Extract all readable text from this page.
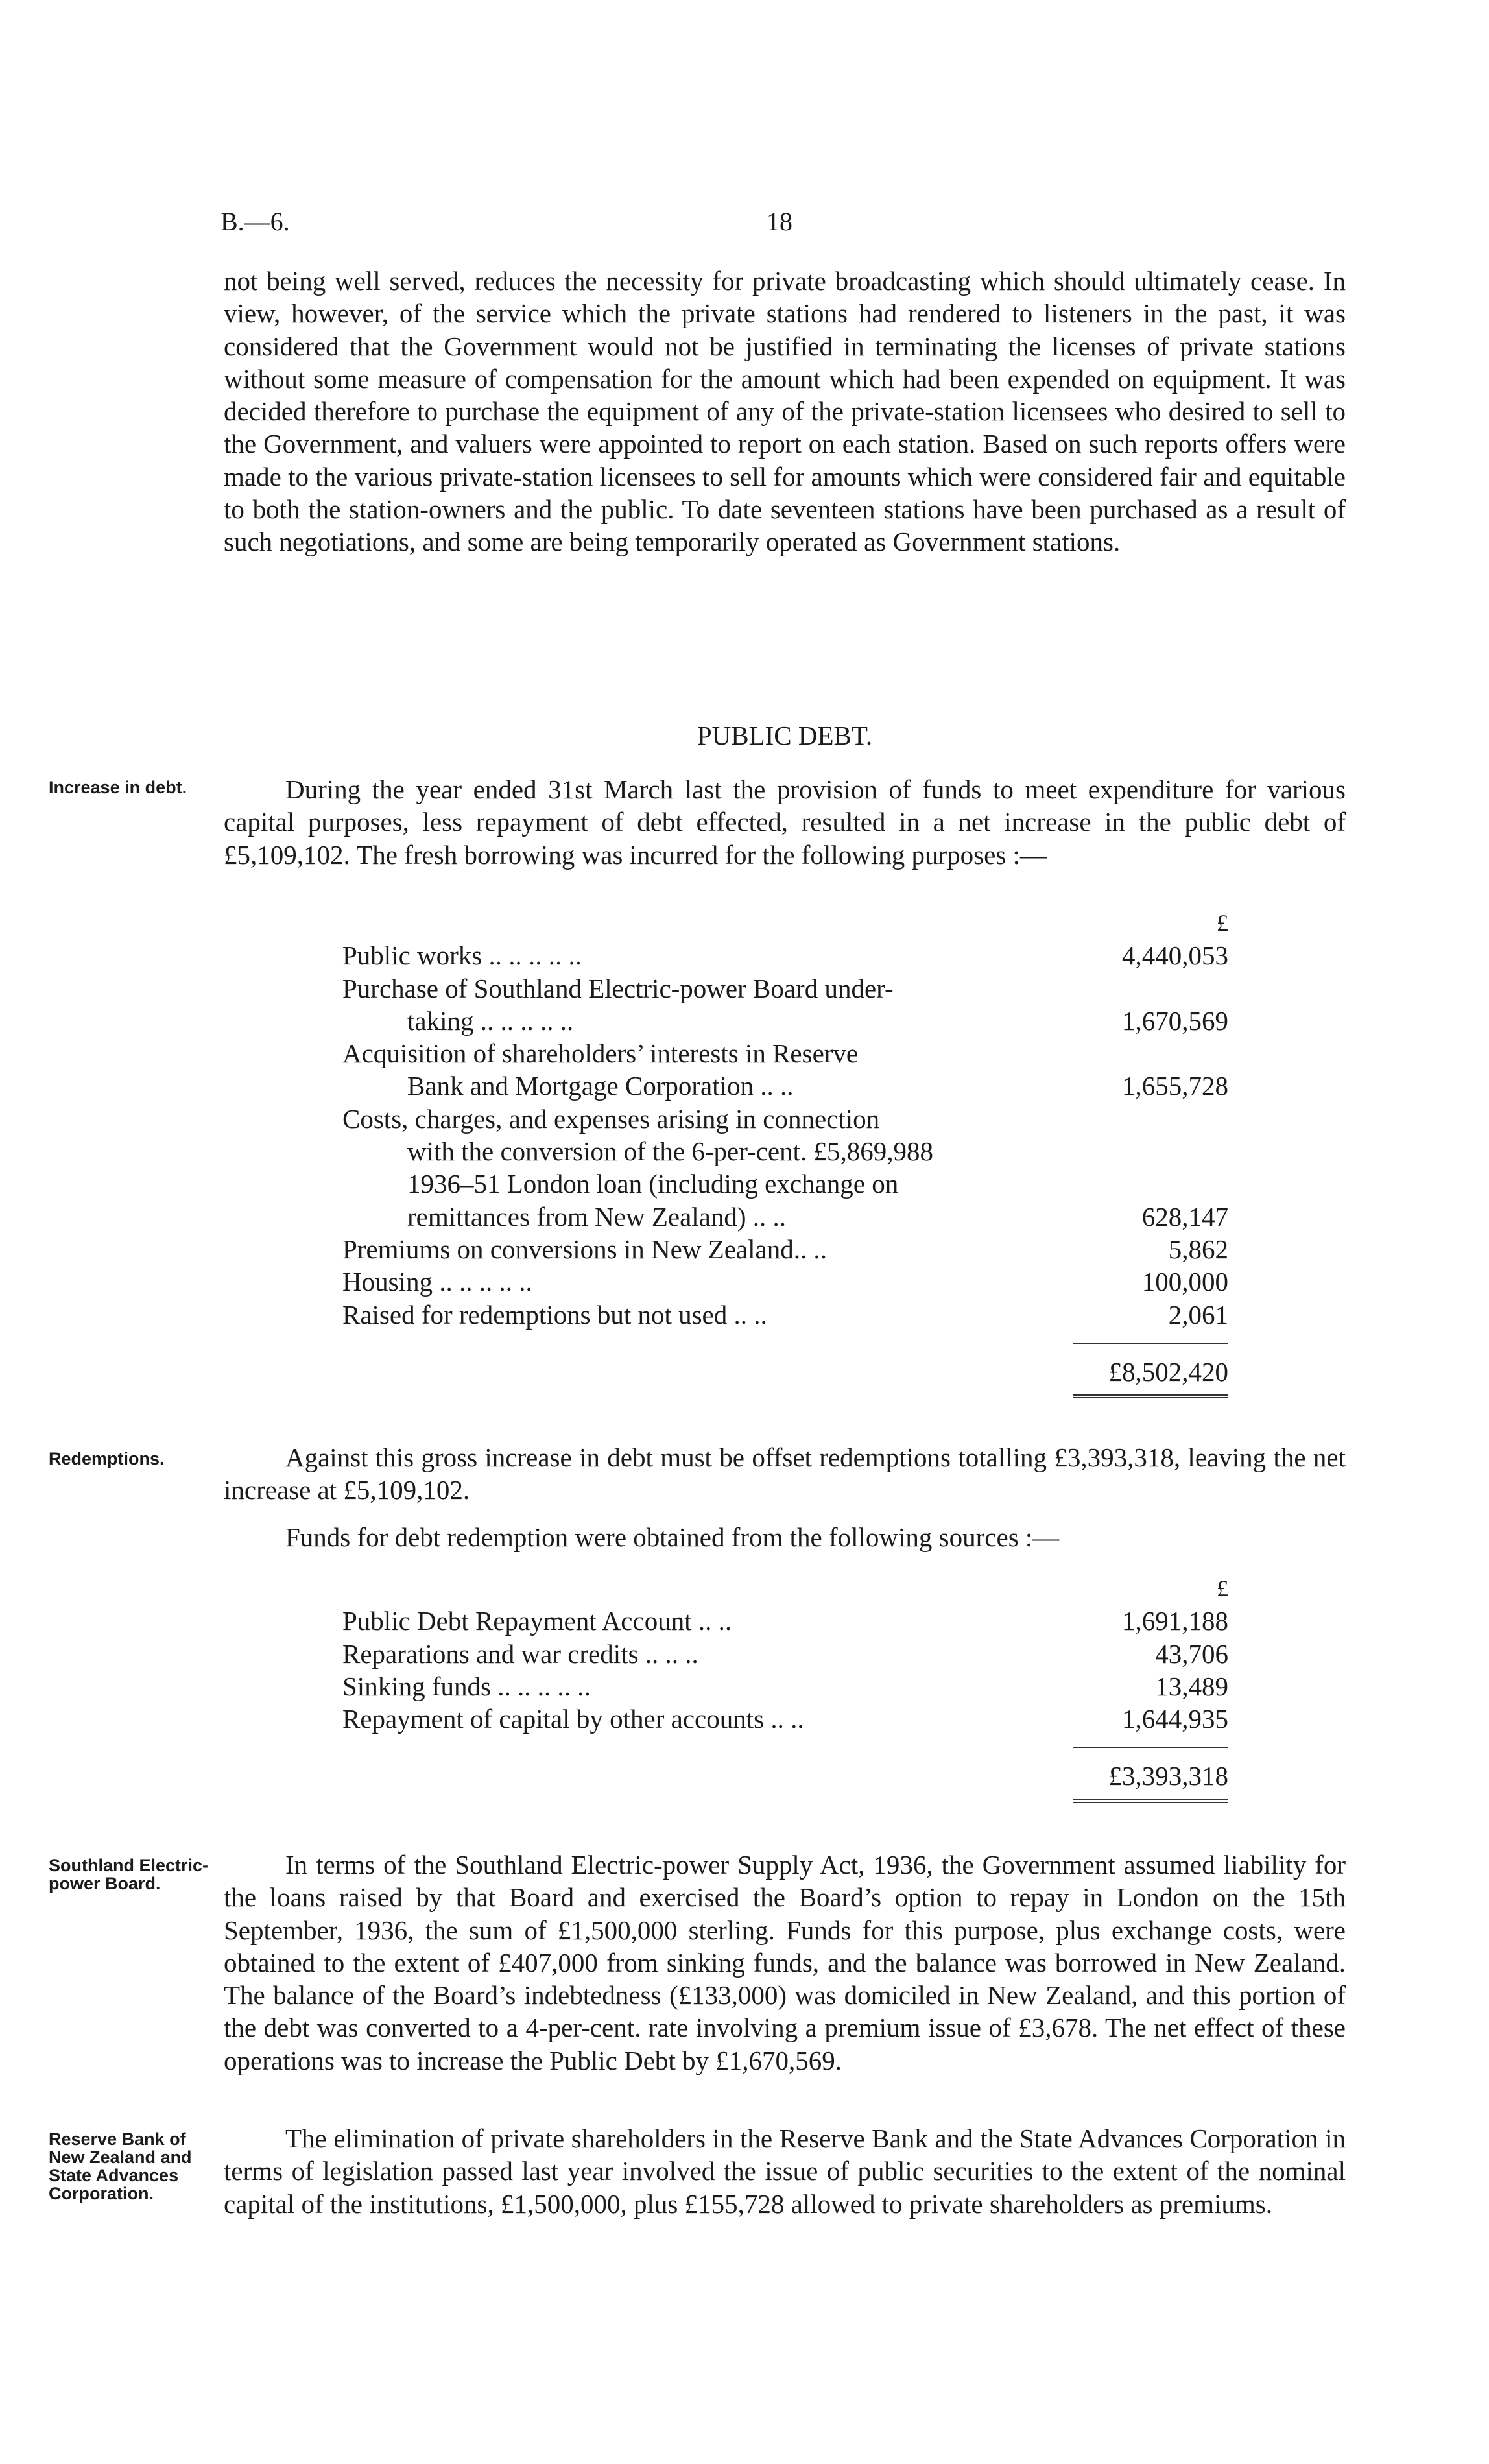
B.—6.	18

not being well served, reduces the necessity for private broadcasting which should ultimately cease. In view, however, of the service which the private stations had rendered to listeners in the past, it was considered that the Government would not be justified in terminating the licenses of private stations without some measure of compensation for the amount which had been expended on equipment. It was decided therefore to purchase the equipment of any of the private-station licensees who desired to sell to the Government, and valuers were appointed to report on each station. Based on such reports offers were made to the various private-station licensees to sell for amounts which were considered fair and equitable to both the station-owners and the public. To date seventeen stations have been purchased as a result of such negotiations, and some are being temporarily operated as Government stations.

PUBLIC DEBT.
Increase in debt.	During the year ended 31st March last the provision of funds to meet expenditure for various capital purposes, less repayment of debt effected, resulted in a net increase in the public debt of £5,109,102. The fresh borrowing was incurred for the following purposes :—

£
Public works .. .. .. .. ..	4,440,053
Purchase of Southland Electric-power Board under-
taking .. .. .. .. ..	1,670,569
Acquisition of shareholders’ interests in Reserve
Bank and Mortgage Corporation .. ..	1,655,728
Costs, charges, and expenses arising in connection
with the conversion of the 6-per-cent. £5,869,988
1936–51 London loan (including exchange on
remittances from New Zealand) .. ..	628,147
Premiums on conversions in New Zealand.. ..	5,862
Housing .. .. .. .. ..	100,000
Raised for redemptions but not used .. ..	2,061
£8,502,420
Redemptions.	Against this gross increase in debt must be offset redemptions totalling £3,393,318, leaving the net increase at £5,109,102.

Funds for debt redemption were obtained from the following sources :—

£
Public Debt Repayment Account .. ..	1,691,188
Reparations and war credits .. .. ..	43,706
Sinking funds .. .. .. .. ..	13,489
Repayment of capital by other accounts .. ..	1,644,935
£3,393,318
Southland Electric-power Board.

In terms of the Southland Electric-power Supply Act, 1936, the Government assumed liability for the loans raised by that Board and exercised the Board’s option to repay in London on the 15th September, 1936, the sum of £1,500,000 sterling. Funds for this purpose, plus exchange costs, were obtained to the extent of £407,000 from sinking funds, and the balance was borrowed in New Zealand. The balance of the Board’s indebtedness (£133,000) was domiciled in New Zealand, and this portion of the debt was converted to a 4-per-cent. rate involving a premium issue of £3,678. The net effect of these operations was to increase the Public Debt by £1,670,569.

Reserve Bank of New Zealand and State Advances Corporation.

The elimination of private shareholders in the Reserve Bank and the State Advances Corporation in terms of legislation passed last year involved the issue of public securities to the extent of the nominal capital of the institutions, £1,500,000, plus £155,728 allowed to private shareholders as premiums.
